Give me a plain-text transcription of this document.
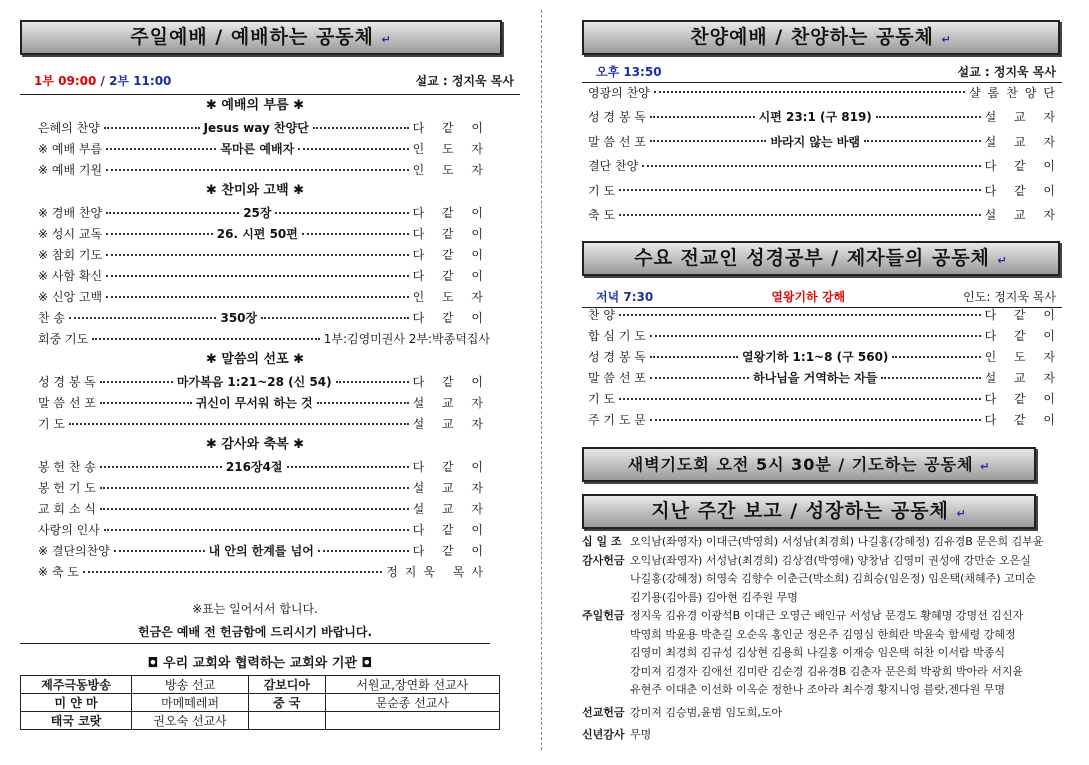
주일예배 / 예배하는 공동체 ↵
1부 09:00 / 2부 11:00	설교 : 정지욱 목사
✱ 예배의 부름 ✱
은혜의 찬양	Jesus way 찬양단	다 같 이
※ 예배 부름	목마른 예배자	인 도 자
※ 예배 기원	인 도 자
✱ 찬미와 고백 ✱
※ 경배 찬양	25장	다 같 이
※ 성시 교독	26. 시편 50편	다 같 이
※ 참회 기도	다 같 이
※ 사함 확신	다 같 이
※ 신앙 고백	인 도 자
찬 송	350장	다 같 이
회중 기도	1부:김영미권사 2부:박종덕집사
✱ 말씀의 선포 ✱
성 경 봉 독	마가복음 1:21~28 (신 54)	다 같 이
말 씀 선 포	귀신이 무서워 하는 것	설 교 자
기 도	설 교 자
✱ 감사와 축복 ✱
봉 헌 찬 송	216장4절	다 같 이
봉 헌 기 도	설 교 자
교 회 소 식	설 교 자
사랑의 인사	다 같 이
※ 결단의찬양	내 안의 한계를 넘어	다 같 이
※ 축 도	정지욱 목사
※표는 일어서서 합니다.
헌금은 예배 전 헌금함에 드리시기 바랍니다.
◘ 우리 교회와 협력하는 교회와 기관 ◘
제주극동방송	방송 선교	감보디아	서원교,장연화 선교사
미 얀 마	마메떼레퍼	중 국	문순종 선교사
태국 코랏	권오숙 선교사		
찬양예배 / 찬양하는 공동체 ↵
오후 13:50	설교 : 정지욱 목사
영광의 찬양	샬롬찬양단
성 경 봉 독	시편 23:1 (구 819)	설 교 자
말 씀 선 포	바라지 않는 바램	설 교 자
결단 찬양	다 같 이
기 도	다 같 이
축 도	설 교 자
수요 전교인 성경공부 / 제자들의 공동체 ↵
저녁 7:30	열왕기하 강해	인도: 정지욱 목사
찬 양	다 같 이
합 심 기 도	다 같 이
성 경 봉 독	열왕기하 1:1~8 (구 560)	인 도 자
말 씀 선 포	하나님을 거역하는 자들	설 교 자
기 도	다 같 이
주 기 도 문	다 같 이
새벽기도회 오전 5시 30분 / 기도하는 공동체 ↵
지난 주간 보고 / 성장하는 공동체 ↵
십 일 조 오익남(좌영자) 이대근(박영희) 서성남(최경희) 나길홍(강혜정) 김유경B 문은희 김부윤
감사헌금 오익남(좌영자) 서성남(최경희) 김상겸(박영애) 양창남 김영미 권성애 강만순 오은실
나길홍(강혜정) 허영숙 김향수 이춘근(박소희) 김희승(임은정) 임은택(채혜주) 고미순
김기용(김아름) 김아현 김주원 무명
주일헌금 정지욱 김유경 이광석B 이대근 오영근 배인규 서성남 문경도 황혜명 강명선 김신자
박영희 박윤용 박춘길 오순옥 홍인군 정은주 김영심 한희란 박윤숙 함세령 강혜정
김영미 최경희 김규성 김상현 김용희 나길홍 이재승 임은택 허찬 이서람 박종식
강미져 김경자 김애선 김미란 김순경 김유경B 김춘자 문은희 박광희 박아라 서지윤
유현주 이대춘 이선화 이옥순 정한나 조아라 최수경 황지니엉 블랏,젠다원 무명
선교헌금 강미져 김승범,윤범 임도희,도아
신년감사 무명
